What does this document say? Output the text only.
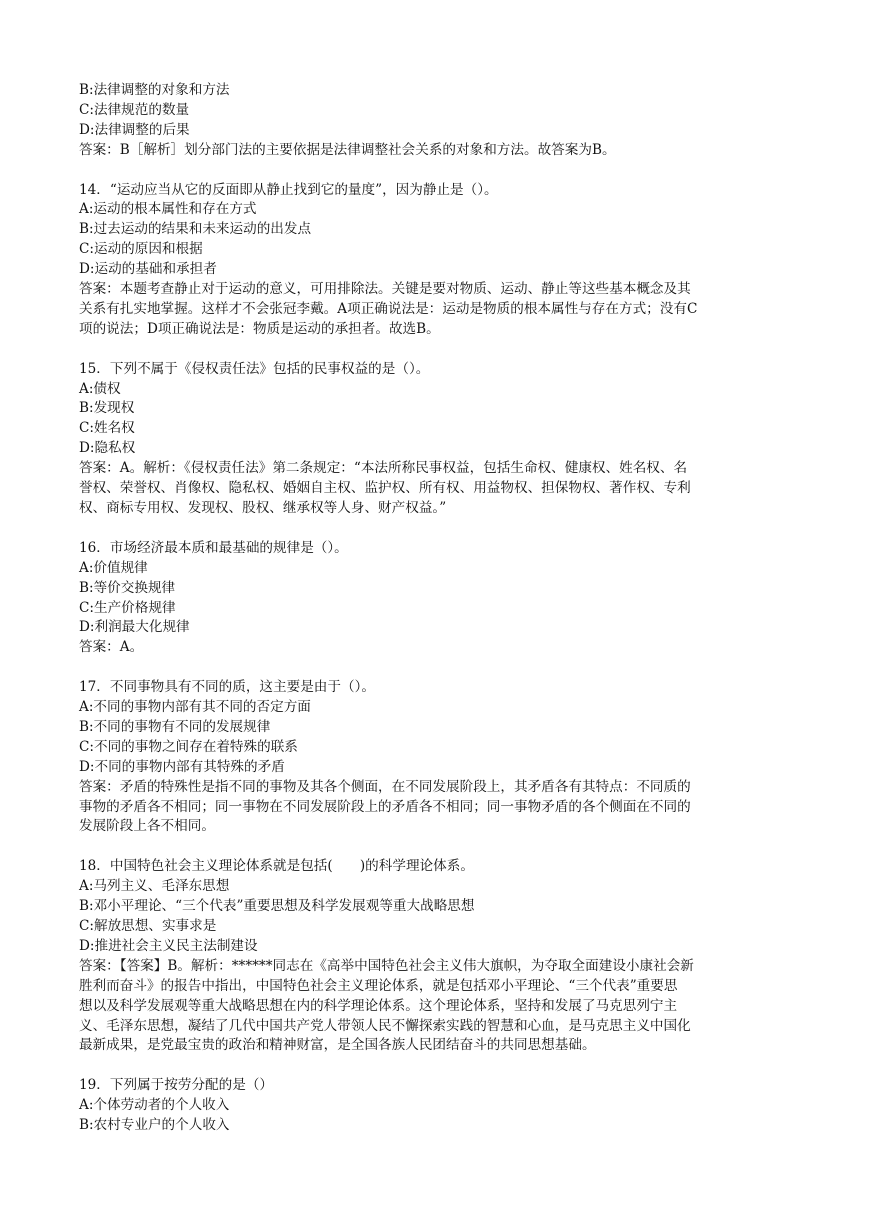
B:法律调整的对象和方法
C:法律规范的数量
D:法律调整的后果
答案：B［解析］划分部门法的主要依据是法律调整社会关系的对象和方法。故答案为B。
14．“运动应当从它的反面即从静止找到它的量度”，因为静止是（）。
A:运动的根本属性和存在方式
B:过去运动的结果和未来运动的出发点
C:运动的原因和根据
D:运动的基础和承担者
答案：本题考查静止对于运动的意义，可用排除法。关键是要对物质、运动、静止等这些基本概念及其
关系有扎实地掌握。这样才不会张冠李戴。A项正确说法是：运动是物质的根本属性与存在方式；没有C
项的说法；D项正确说法是：物质是运动的承担者。故选B。
15．下列不属于《侵权责任法》包括的民事权益的是（）。
A:债权
B:发现权
C:姓名权
D:隐私权
答案：A。解析：《侵权责任法》第二条规定：“本法所称民事权益，包括生命权、健康权、姓名权、名
誉权、荣誉权、肖像权、隐私权、婚姻自主权、监护权、所有权、用益物权、担保物权、著作权、专利
权、商标专用权、发现权、股权、继承权等人身、财产权益。”
16．市场经济最本质和最基础的规律是（）。
A:价值规律
B:等价交换规律
C:生产价格规律
D:利润最大化规律
答案：A。
17．不同事物具有不同的质，这主要是由于（）。
A:不同的事物内部有其不同的否定方面
B:不同的事物有不同的发展规律
C:不同的事物之间存在着特殊的联系
D:不同的事物内部有其特殊的矛盾
答案：矛盾的特殊性是指不同的事物及其各个侧面，在不同发展阶段上，其矛盾各有其特点：不同质的
事物的矛盾各不相同；同一事物在不同发展阶段上的矛盾各不相同；同一事物矛盾的各个侧面在不同的
发展阶段上各不相同。
18．中国特色社会主义理论体系就是包括(　　)的科学理论体系。
A:马列主义、毛泽东思想
B:邓小平理论、“三个代表”重要思想及科学发展观等重大战略思想
C:解放思想、实事求是
D:推进社会主义民主法制建设
答案：【答案】B。解析：******同志在《高举中国特色社会主义伟大旗帜，为夺取全面建设小康社会新
胜利而奋斗》的报告中指出，中国特色社会主义理论体系，就是包括邓小平理论、“三个代表”重要思
想以及科学发展观等重大战略思想在内的科学理论体系。这个理论体系，坚持和发展了马克思列宁主
义、毛泽东思想，凝结了几代中国共产党人带领人民不懈探索实践的智慧和心血，是马克思主义中国化
最新成果，是党最宝贵的政治和精神财富，是全国各族人民团结奋斗的共同思想基础。
19．下列属于按劳分配的是（）
A:个体劳动者的个人收入
B:农村专业户的个人收入
